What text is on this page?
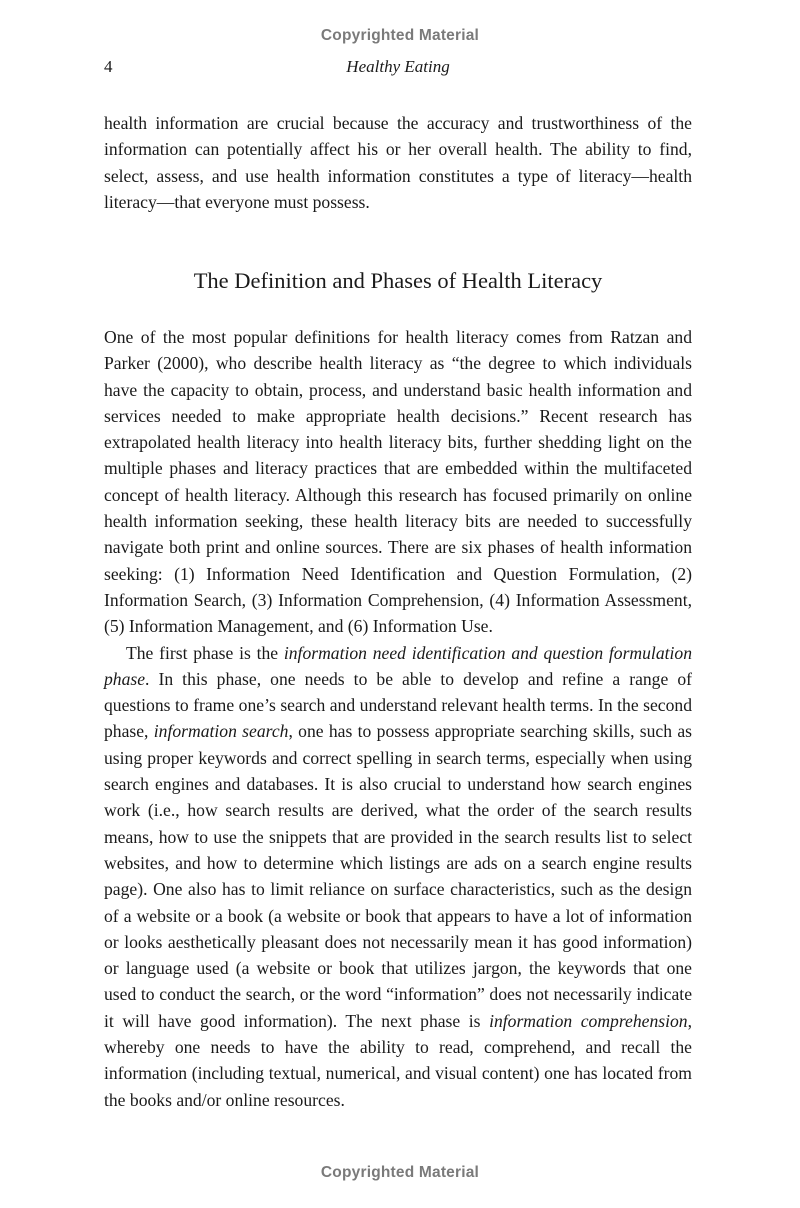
Copyrighted Material
4	Healthy Eating

health information are crucial because the accuracy and trustworthiness of the information can potentially affect his or her overall health. The ability to find, select, assess, and use health information constitutes a type of literacy—health literacy—that everyone must possess.

The Definition and Phases of Health Literacy

One of the most popular definitions for health literacy comes from Ratzan and Parker (2000), who describe health literacy as “the degree to which individuals have the capacity to obtain, process, and understand basic health information and services needed to make appropriate health decisions.” Recent research has extrapolated health literacy into health literacy bits, further shedding light on the multiple phases and literacy practices that are embedded within the multifaceted concept of health literacy. Although this research has focused primarily on online health information seeking, these health literacy bits are needed to successfully navigate both print and online sources. There are six phases of health information seeking: (1) Information Need Identification and Question Formulation, (2) Information Search, (3) Information Comprehension, (4) Information Assessment, (5) Information Management, and (6) Information Use.

The first phase is the information need identification and question formulation phase. In this phase, one needs to be able to develop and refine a range of questions to frame one’s search and understand relevant health terms. In the second phase, information search, one has to possess appropriate searching skills, such as using proper keywords and correct spelling in search terms, especially when using search engines and databases. It is also crucial to understand how search engines work (i.e., how search results are derived, what the order of the search results means, how to use the snippets that are provided in the search results list to select websites, and how to determine which listings are ads on a search engine results page). One also has to limit reliance on surface characteristics, such as the design of a website or a book (a website or book that appears to have a lot of information or looks aesthetically pleasant does not necessarily mean it has good information) or language used (a website or book that utilizes jargon, the keywords that one used to conduct the search, or the word “information” does not necessarily indicate it will have good information). The next phase is information comprehension, whereby one needs to have the ability to read, comprehend, and recall the information (including textual, numerical, and visual content) one has located from the books and/or online resources.

Copyrighted Material
